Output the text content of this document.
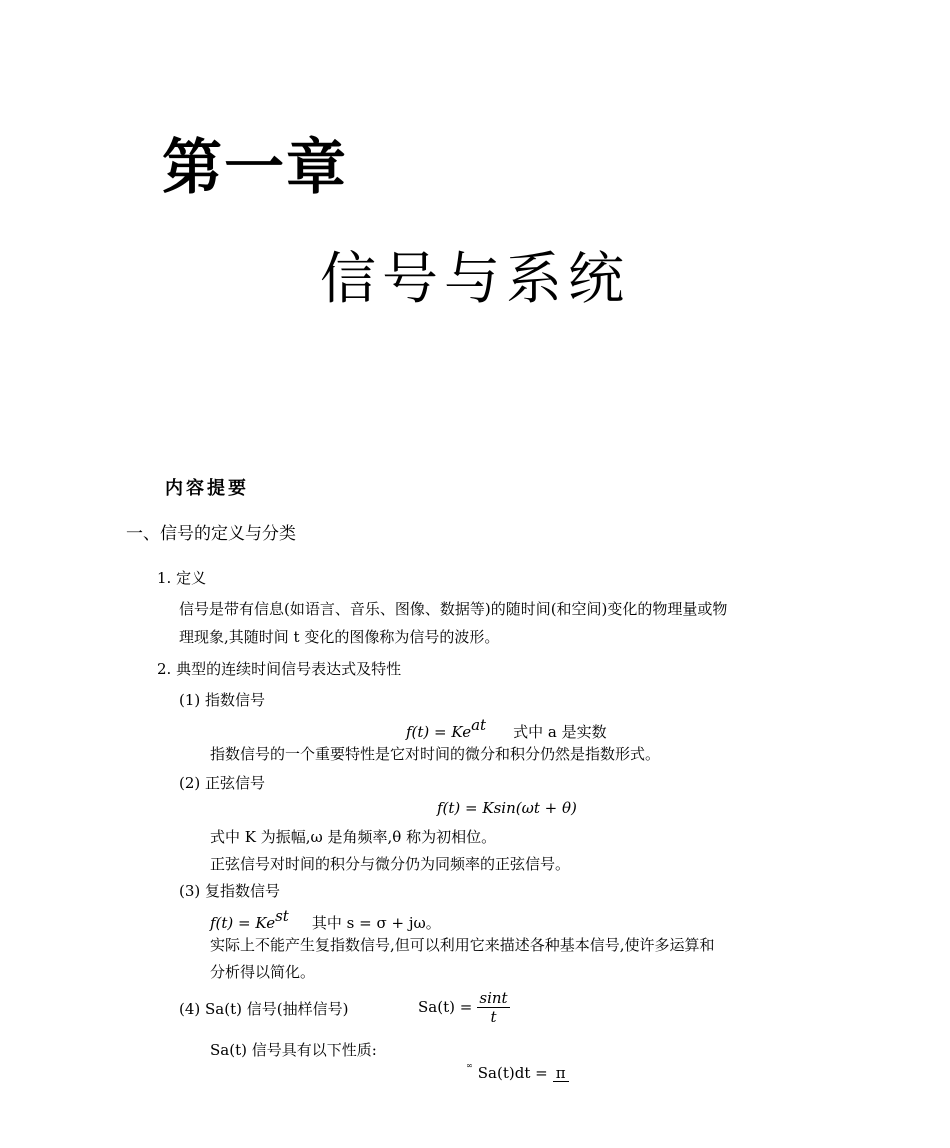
第一章
信号与系统
内容提要
一、信号的定义与分类
1. 定义
信号是带有信息(如语言、音乐、图像、数据等)的随时间(和空间)变化的物理量或物
理现象,其随时间 t 变化的图像称为信号的波形。
2. 典型的连续时间信号表达式及特性
(1) 指数信号
$f(t) = Ke^{at}$ 式中 a 是实数
指数信号的一个重要特性是它对时间的微分和积分仍然是指数形式。
(2) 正弦信号
f(t) = Ksin(ωt + θ)
式中 K 为振幅,ω 是角频率,θ 称为初相位。
正弦信号对时间的积分与微分仍为同频率的正弦信号。
(3) 复指数信号
$f(t) = Ke^{st}$ 其中 s = σ + jω。
实际上不能产生复指数信号,但可以利用它来描述各种基本信号,使许多运算和
分析得以简化。
(4) Sa(t) 信号(抽样信号)	$Sa(t) = \frac{\sin t}{t}$
Sa(t) 信号具有以下性质:
∞ Sa(t)dt = π
